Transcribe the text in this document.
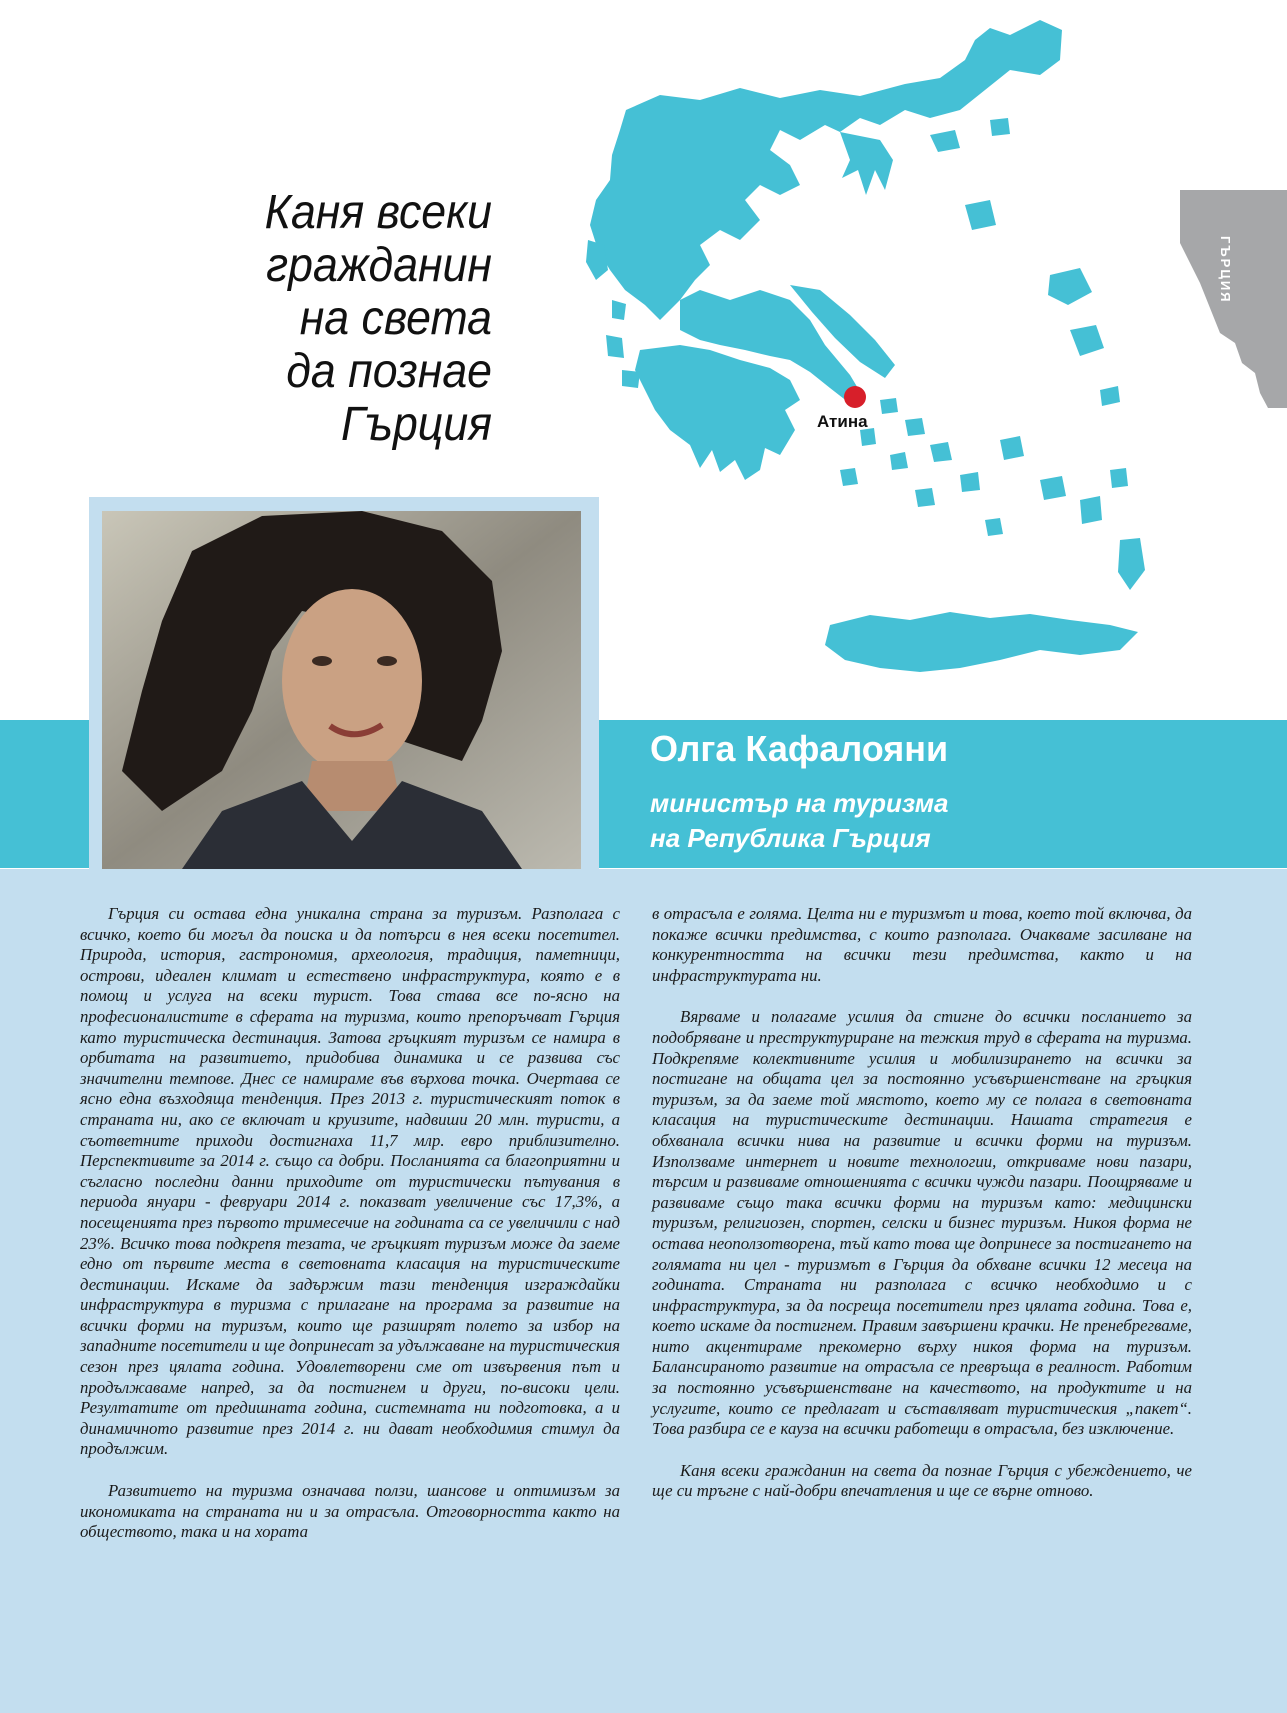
Атина
ГЪРЦИЯ
Каня всеки
гражданин
на света
да познае
Гърция
Олга Кафалояни
министър на туризма
на Република Гърция

Гърция си остава една уникална страна за туризъм. Разполага с всичко, което би могъл да поиска и да потърси в нея всеки посетител. Природа, история, гастрономия, археология, традиция, паметници, острови, идеален климат и естествено инфраструктура, която е в помощ и услуга на всеки турист. Това става все по-ясно на професионалистите в сферата на туризма, които препоръчват Гърция като туристическа дестинация. Затова гръцкият туризъм се намира в орбитата на развитието, придобива динамика и се развива със значителни темпове. Днес се намираме във върхова точка. Очертава се ясно една възходяща тенденция. През 2013 г. туристическият поток в страната ни, ако се включат и круизите, надвиши 20 млн. туристи, а съответните приходи достигнаха 11,7 млр. евро приблизително. Перспективите за 2014 г. също са добри. Посланията са благоприятни и съгласно последни данни приходите от туристически пътувания в периода януари - февруари 2014 г. показват увеличение със 17,3%, а посещенията през първото тримесечие на годината са се увеличили с над 23%. Всичко това подкрепя тезата, че гръцкият туризъм може да заеме едно от първите места в световната класация на туристическите дестинации. Искаме да задържим тази тенденция изграждайки инфраструктура в туризма с прилагане на програма за развитие на всички форми на туризъм, които ще разширят полето за избор на западните посетители и ще допринесат за удължаване на туристическия сезон през цялата година. Удовлетворени сме от извървения път и продължаваме напред, за да постигнем и други, по-високи цели. Резултатите от предишната година, системната ни подготовка, а и динамичното развитие през 2014 г. ни дават необходимия стимул да продължим.

Развитието на туризма означава ползи, шансове и оптимизъм за икономиката на страната ни и за отрасъла. Отговорността както на обществото, така и на хората

в отрасъла е голяма. Целта ни е туризмът и това, което той включва, да покаже всички предимства, с които разполага. Очакваме засилване на конкурентността на всички тези предимства, както и на инфраструктурата ни.

Вярваме и полагаме усилия да стигне до всички посланието за подобряване и преструктуриране на тежкия труд в сферата на туризма. Подкрепяме колективните усилия и мобилизирането на всички за постигане на общата цел за постоянно усъвършенстване на гръцкия туризъм, за да заеме той мястото, което му се полага в световната класация на туристическите дестинации. Нашата стратегия е обхванала всички нива на развитие и всички форми на туризъм. Използваме интернет и новите технологии, откриваме нови пазари, търсим и развиваме отношенията с всички чужди пазари. Поощряваме и развиваме също така всички форми на туризъм като: медицински туризъм, религиозен, спортен, селски и бизнес туризъм. Никоя форма не остава неоползотворена, тъй като това ще допринесе за постигането на голямата ни цел - туризмът в Гърция да обхване всички 12 месеца на годината. Страната ни разполага с всичко необходимо и с инфраструктура, за да посреща посетители през цялата година. Това е, което искаме да постигнем. Правим завършени крачки. Не пренебрегваме, нито акцентираме прекомерно върху никоя форма на туризъм. Балансираното развитие на отрасъла се превръща в реалност. Работим за постоянно усъвършенстване на качеството, на продуктите и на услугите, които се предлагат и съставляват туристическия „пакет“. Това разбира се е кауза на всички работещи в отрасъла, без изключение.

Каня всеки гражданин на света да познае Гърция с убеждението, че ще си тръгне с най-добри впечатления и ще се върне отново.
